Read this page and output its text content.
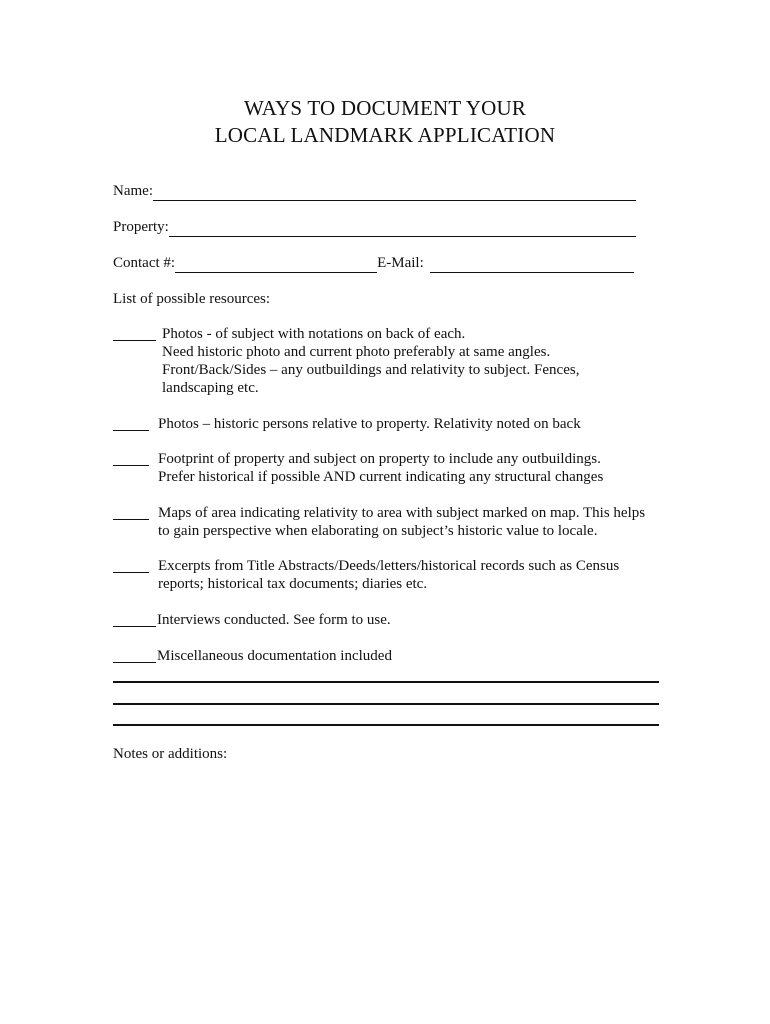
WAYS TO DOCUMENT YOUR
LOCAL LANDMARK APPLICATION
Name:
Property:
Contact #:	E-Mail:
List of possible resources:
Photos - of subject with notations on back of each.
Need historic photo and current photo preferably at same angles.
Front/Back/Sides – any outbuildings and relativity to subject. Fences,
landscaping etc.
Photos – historic persons relative to property. Relativity noted on back
Footprint of property and subject on property to include any outbuildings.
Prefer historical if possible AND current indicating any structural changes
Maps of area indicating relativity to area with subject marked on map. This helps
to gain perspective when elaborating on subject’s historic value to locale.
Excerpts from Title Abstracts/Deeds/letters/historical records such as Census
reports; historical tax documents; diaries etc.
Interviews conducted. See form to use.
Miscellaneous documentation included
Notes or additions:
